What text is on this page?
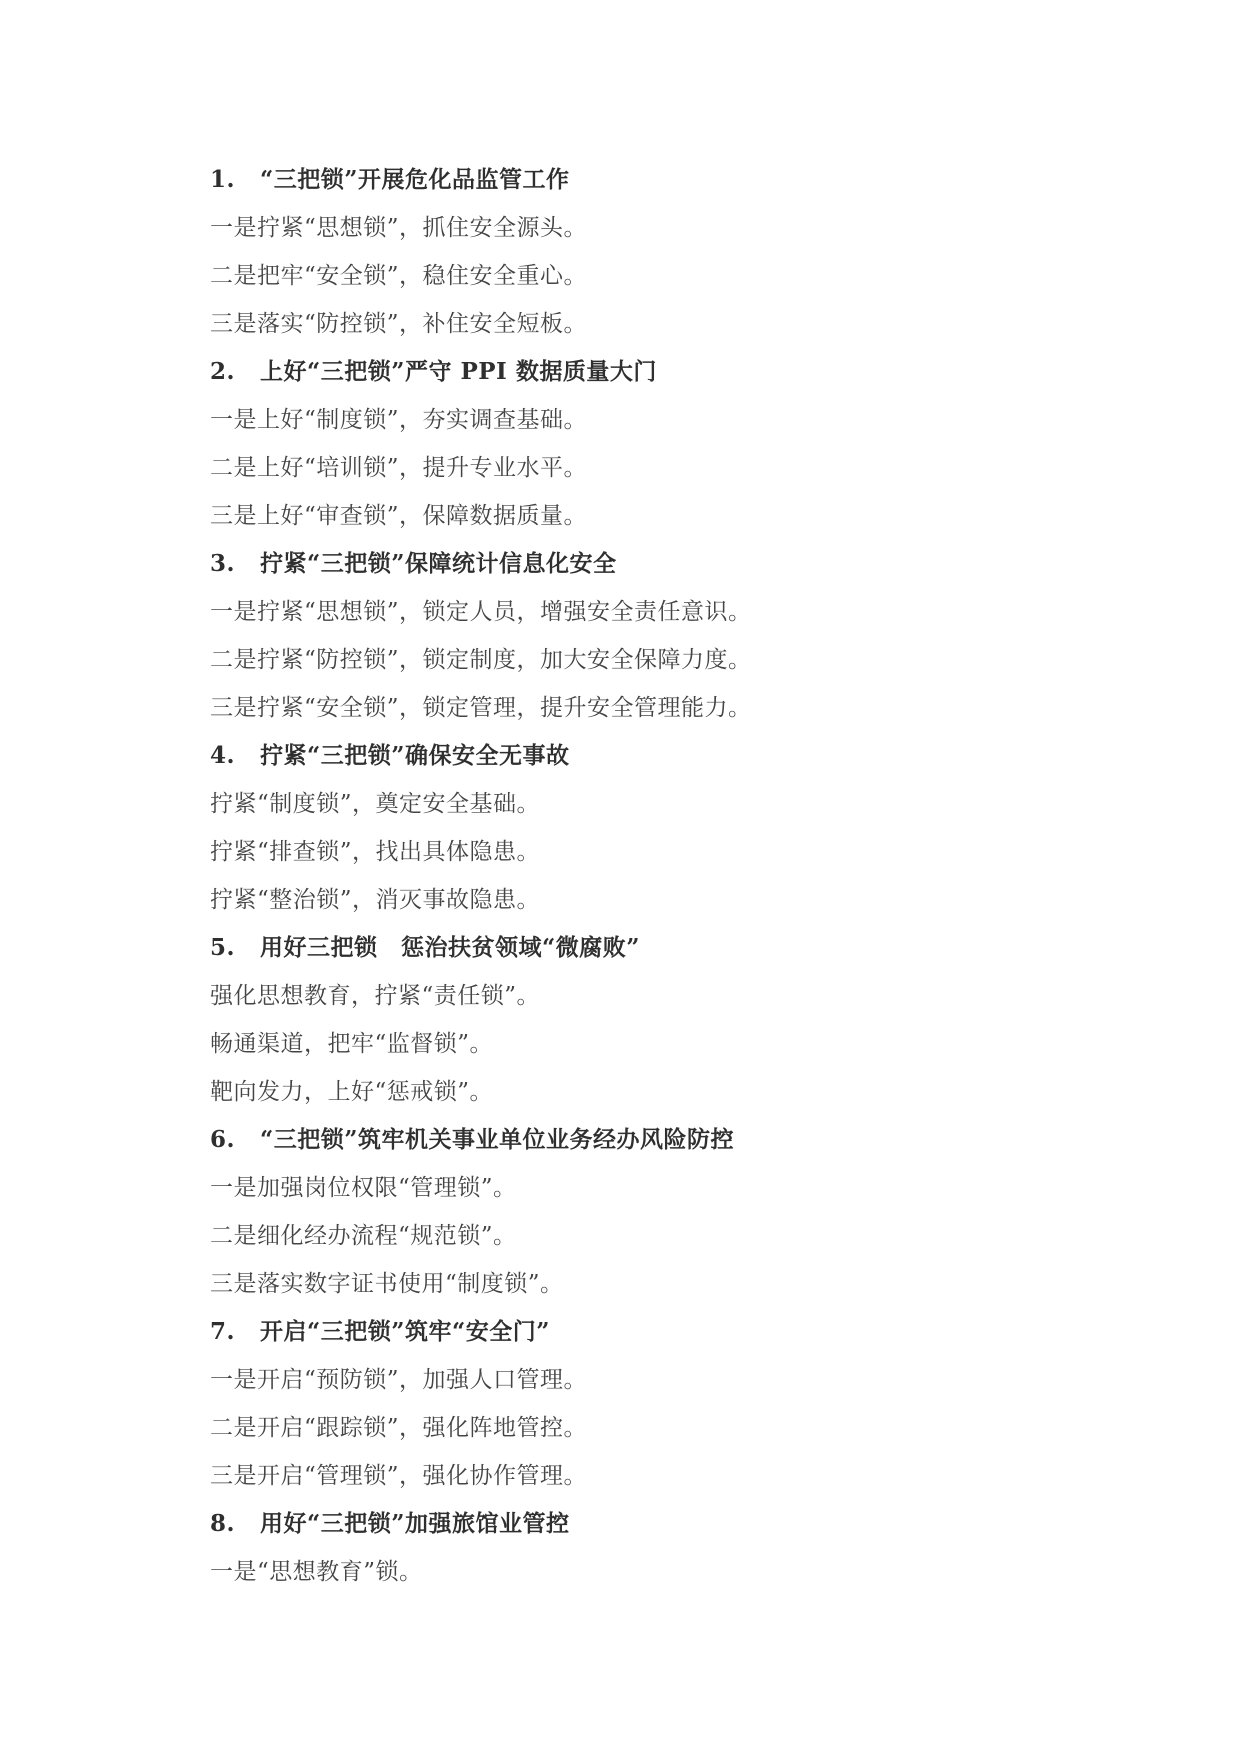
1. “三把锁”开展危化品监管工作
一是拧紧“思想锁”，抓住安全源头。
二是把牢“安全锁”，稳住安全重心。
三是落实“防控锁”，补住安全短板。
2. 上好“三把锁”严守 PPI 数据质量大门
一是上好“制度锁”，夯实调查基础。
二是上好“培训锁”，提升专业水平。
三是上好“审查锁”，保障数据质量。
3. 拧紧“三把锁”保障统计信息化安全
一是拧紧“思想锁”，锁定人员，增强安全责任意识。
二是拧紧“防控锁”，锁定制度，加大安全保障力度。
三是拧紧“安全锁”，锁定管理，提升安全管理能力。
4. 拧紧“三把锁”确保安全无事故
拧紧“制度锁”，奠定安全基础。
拧紧“排查锁”，找出具体隐患。
拧紧“整治锁”，消灭事故隐患。
5. 用好三把锁　惩治扶贫领域“微腐败”
强化思想教育，拧紧“责任锁”。
畅通渠道，把牢“监督锁”。
靶向发力，上好“惩戒锁”。
6. “三把锁”筑牢机关事业单位业务经办风险防控
一是加强岗位权限“管理锁”。
二是细化经办流程“规范锁”。
三是落实数字证书使用“制度锁”。
7. 开启“三把锁”筑牢“安全门”
一是开启“预防锁”，加强人口管理。
二是开启“跟踪锁”，强化阵地管控。
三是开启“管理锁”，强化协作管理。
8. 用好“三把锁”加强旅馆业管控
一是“思想教育”锁。
